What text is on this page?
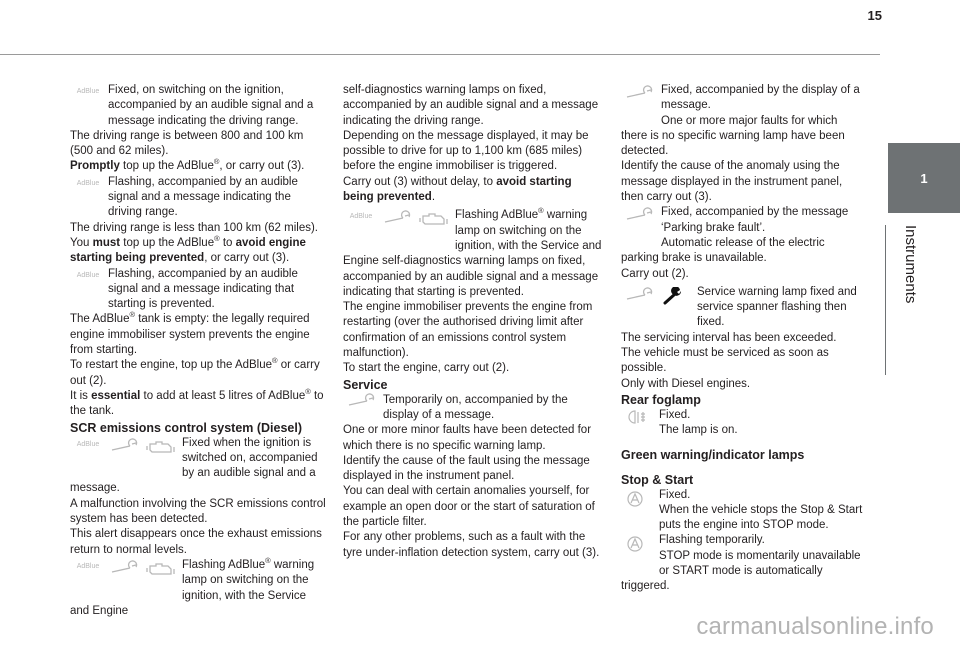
15
1
Instruments

AdBlue Fixed, on switching on the ignition, accompanied by an audible signal and a message indicating the driving range.

The driving range is between 800 and 100 km (500 and 62 miles).

Promptly top up the AdBlue®, or carry out (3).

AdBlue Flashing, accompanied by an audible signal and a message indicating the driving range.

The driving range is less than 100 km (62 miles).

You must top up the AdBlue® to avoid engine starting being prevented, or carry out (3).

AdBlue Flashing, accompanied by an audible signal and a message indicating that starting is prevented.

The AdBlue® tank is empty: the legally required engine immobiliser system prevents the engine from starting.

To restart the engine, top up the AdBlue® or carry out (2).

It is essential to add at least 5 litres of AdBlue® to the tank.

SCR emissions control system (Diesel)

AdBlue	Fixed when the ignition is switched on, accompanied by an audible signal and a message.

A malfunction involving the SCR emissions control system has been detected.

This alert disappears once the exhaust emissions return to normal levels.

AdBlue	Flashing AdBlue® warning lamp on switching on the ignition, with the Service and Engine

self-diagnostics warning lamps on fixed, accompanied by an audible signal and a message indicating the driving range.

Depending on the message displayed, it may be possible to drive for up to 1,100 km (685 miles) before the engine immobiliser is triggered.

Carry out (3) without delay, to avoid starting being prevented.

AdBlue	Flashing AdBlue® warning lamp on switching on the ignition, with the Service and Engine self-diagnostics warning lamps on fixed, accompanied by an audible signal and a message indicating that starting is prevented.

The engine immobiliser prevents the engine from restarting (over the authorised driving limit after confirmation of an emissions control system malfunction).

To start the engine, carry out (2).

Service

Temporarily on, accompanied by the display of a message.

One or more minor faults have been detected for which there is no specific warning lamp.

Identify the cause of the fault using the message displayed in the instrument panel.

You can deal with certain anomalies yourself, for example an open door or the start of saturation of the particle filter.

For any other problems, such as a fault with the tyre under-inflation detection system, carry out (3).

Fixed, accompanied by the display of a message.

One or more major faults for which there is no specific warning lamp have been detected.

Identify the cause of the anomaly using the message displayed in the instrument panel, then carry out (3).

Fixed, accompanied by the message ‘Parking brake fault’.

Automatic release of the electric parking brake is unavailable.

Carry out (2).

Service warning lamp fixed and service spanner flashing then fixed.

The servicing interval has been exceeded.

The vehicle must be serviced as soon as possible.

Only with Diesel engines.

Rear foglamp

Fixed.
The lamp is on.

Green warning/indicator lamps

Stop & Start

Fixed.
When the vehicle stops the Stop & Start puts the engine into STOP mode.

Flashing temporarily.
STOP mode is momentarily unavailable or START mode is automatically triggered.

carmanualsonline.info
